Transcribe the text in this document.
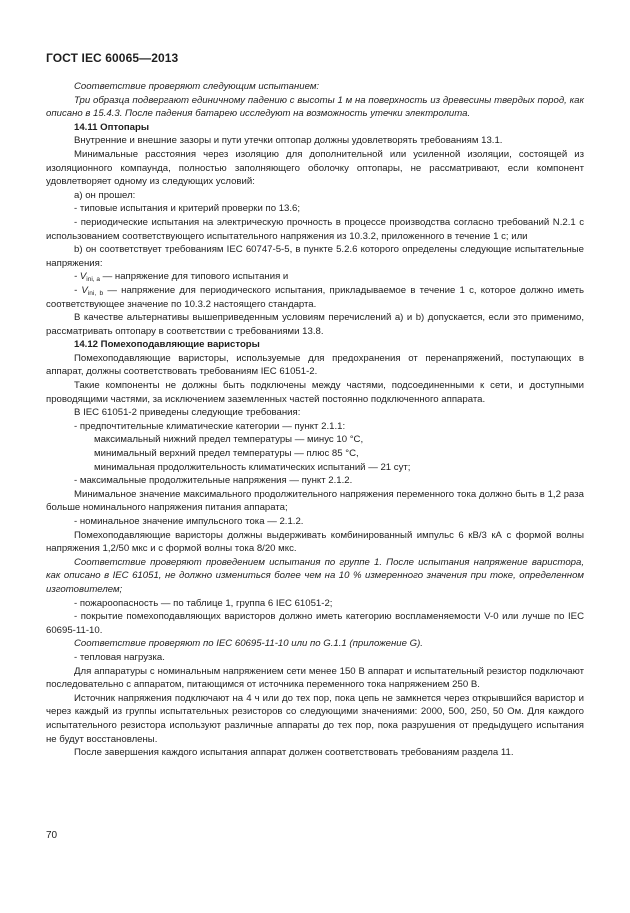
ГОСТ IEC 60065—2013

Соответствие проверяют следующим испытанием:

Три образца подвергают единичному падению с высоты 1 м на поверхность из древесины твердых пород, как описано в 15.4.3. После падения батарею исследуют на возможность утечки электролита.

14.11 Оптопары

Внутренние и внешние зазоры и пути утечки оптопар должны удовлетворять требованиям 13.1.

Минимальные расстояния через изоляцию для дополнительной или усиленной изоляции, состоящей из изоляционного компаунда, полностью заполняющего оболочку оптопары, не рассматривают, если компонент удовлетворяет одному из следующих условий:

a) он прошел:

- типовые испытания и критерий проверки по 13.6;

- периодические испытания на электрическую прочность в процессе производства согласно требований N.2.1 с использованием соответствующего испытательного напряжения из 10.3.2, приложенного в течение 1 с; или

b) он соответствует требованиям IEC 60747-5-5, в пункте 5.2.6 которого определены следующие испытательные напряжения:

- $V_{ini, a}$ — напряжение для типового испытания и

- $V_{ini, b}$ — напряжение для периодического испытания, прикладываемое в течение 1 с, которое должно иметь соответствующее значение по 10.3.2 настоящего стандарта.

В качестве альтернативы вышеприведенным условиям перечислений a) и b) допускается, если это применимо, рассматривать оптопару в соответствии с требованиями 13.8.

14.12 Помехоподавляющие варисторы

Помехоподавляющие варисторы, используемые для предохранения от перенапряжений, поступающих в аппарат, должны соответствовать требованиям IEC 61051-2.

Такие компоненты не должны быть подключены между частями, подсоединенными к сети, и доступными проводящими частями, за исключением заземленных частей постоянно подключенного аппарата.

В IEC 61051-2 приведены следующие требования:

- предпочтительные климатические категории — пункт 2.1.1:

максимальный нижний предел температуры — минус 10 °C,

минимальный верхний предел температуры — плюс 85 °C,

минимальная продолжительность климатических испытаний — 21 сут;

- максимальные продолжительные напряжения — пункт 2.1.2.

Минимальное значение максимального продолжительного напряжения переменного тока должно быть в 1,2 раза больше номинального напряжения питания аппарата;

- номинальное значение импульсного тока — 2.1.2.

Помехоподавляющие варисторы должны выдерживать комбинированный импульс 6 кВ/3 кА с формой волны напряжения 1,2/50 мкс и с формой волны тока 8/20 мкс.

Соответствие проверяют проведением испытания по группе 1. После испытания напряжение варистора, как описано в IEC 61051, не должно измениться более чем на 10 % измеренного значения при токе, определенном изготовителем;

- пожароопасность — по таблице 1, группа 6 IEC 61051-2;

- покрытие помехоподавляющих варисторов должно иметь категорию воспламеняемости V-0 или лучше по IEC 60695-11-10.

Соответствие проверяют по IEC 60695-11-10 или по G.1.1 (приложение G).

- тепловая нагрузка.

Для аппаратуры с номинальным напряжением сети менее 150 В аппарат и испытательный резистор подключают последовательно с аппаратом, питающимся от источника переменного тока напряжением 250 В.

Источник напряжения подключают на 4 ч или до тех пор, пока цепь не замкнется через открывшийся варистор и через каждый из группы испытательных резисторов со следующими значениями: 2000, 500, 250, 50 Ом. Для каждого испытательного резистора используют различные аппараты до тех пор, пока разрушения от предыдущего испытания не будут восстановлены.

После завершения каждого испытания аппарат должен соответствовать требованиям раздела 11.

70
